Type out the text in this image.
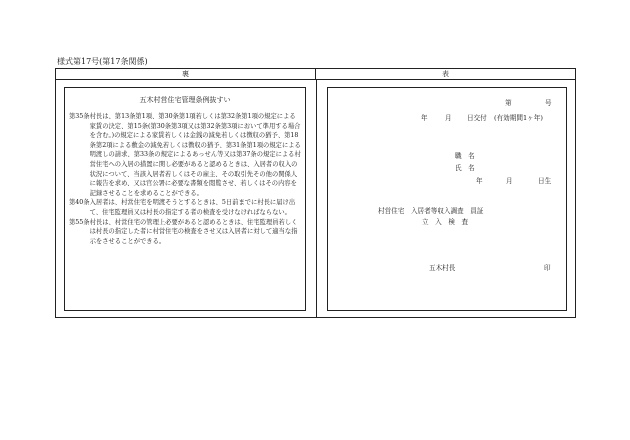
様式第17号(第17条関係)
裏	表
五木村営住宅管理条例抜すい
第35条 村長は、第13条第1項、第30条第1項若しくは第32条第1項の規定による家賃の決定、第15条(第30条第3項又は第32条第3項において準用する場合を含む。)の規定による家賃若しくは金銭の減免若しくは徴収の猶予、第18条第2項による敷金の減免若しくは徴収の猶予、第31条第1項の規定による明渡しの請求、第33条の規定によるあっせん等又は第37条の規定による村営住宅への入居の措置に関し必要があると認めるときは、入居者の収入の状況について、当該入居者若しくはその雇主、その取引先その他の関係人に報告を求め、又は官公署に必要な書類を閲覧させ、若しくはその内容を記録させることを求めることができる。
第40条 入居者は、村営住宅を明渡そうとするときは、5日前までに村長に届け出て、住宅監理員又は村長の指定する者の検査を受けなければならない。
第55条 村長は、村営住宅の管理上必要があると認めるときは、住宅監理員若しくは村長の指定した者に村営住宅の検査をさせ又は入居者に対して適当な指示をさせることができる。
第	号
年	月 日交付 (有効期間1ヶ年)
職　名
氏　名
年	月	日生
村営住宅　入居者等収入調査　員証
立　入　検　査
五木村長	印
